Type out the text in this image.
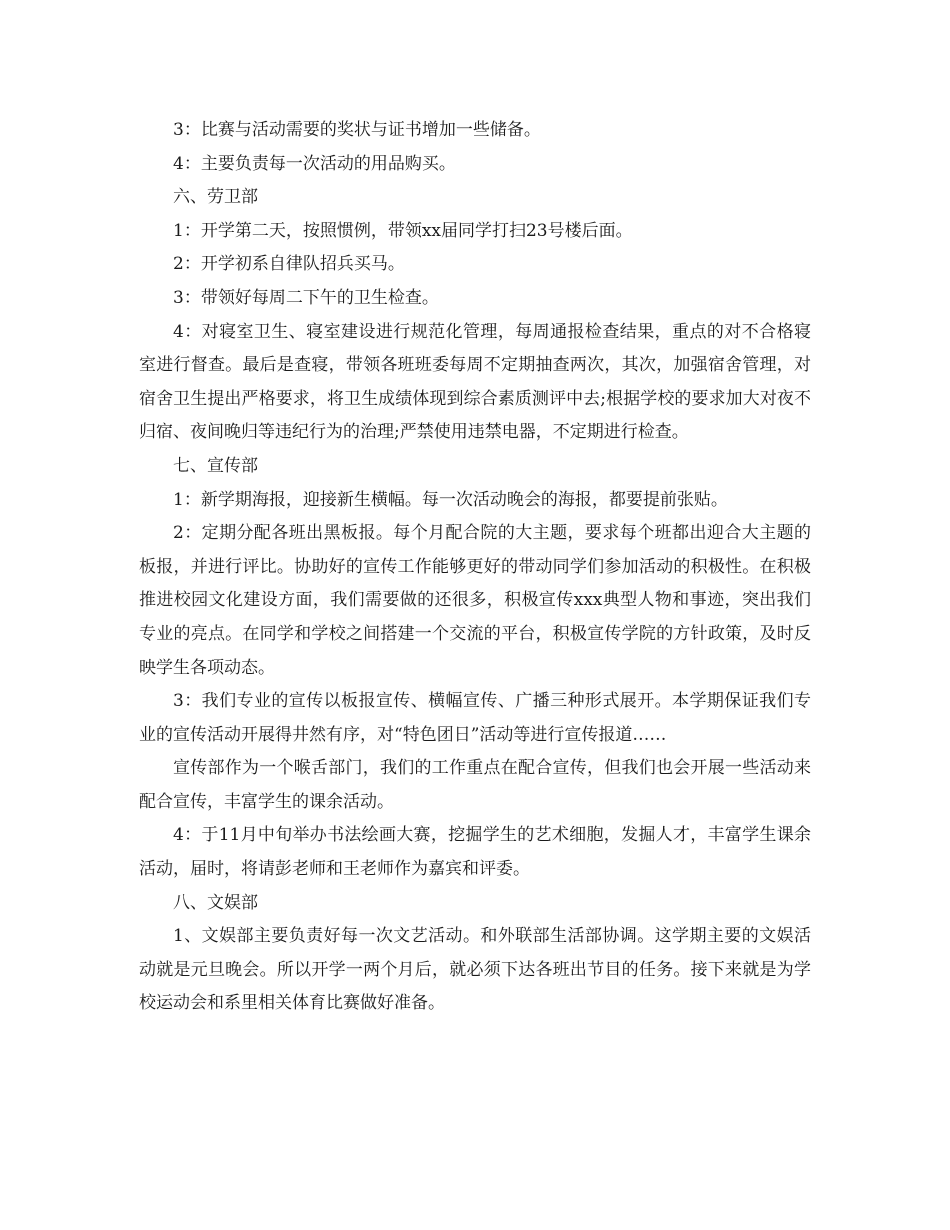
3：比赛与活动需要的奖状与证书增加一些储备。

4：主要负责每一次活动的用品购买。

六、劳卫部

1：开学第二天，按照惯例，带领xx届同学打扫23号楼后面。

2：开学初系自律队招兵买马。

3：带领好每周二下午的卫生检查。

4：对寝室卫生、寝室建设进行规范化管理，每周通报检查结果，重点的对不合格寝室进行督查。最后是查寝，带领各班班委每周不定期抽查两次，其次，加强宿舍管理，对宿舍卫生提出严格要求，将卫生成绩体现到综合素质测评中去;根据学校的要求加大对夜不归宿、夜间晚归等违纪行为的治理;严禁使用违禁电器，不定期进行检查。

七、宣传部

1：新学期海报，迎接新生横幅。每一次活动晚会的海报，都要提前张贴。

2：定期分配各班出黑板报。每个月配合院的大主题，要求每个班都出迎合大主题的板报，并进行评比。协助好的宣传工作能够更好的带动同学们参加活动的积极性。在积极推进校园文化建设方面，我们需要做的还很多，积极宣传xxx典型人物和事迹，突出我们专业的亮点。在同学和学校之间搭建一个交流的平台，积极宣传学院的方针政策，及时反映学生各项动态。

3：我们专业的宣传以板报宣传、横幅宣传、广播三种形式展开。本学期保证我们专业的宣传活动开展得井然有序，对“特色团日”活动等进行宣传报道……

宣传部作为一个喉舌部门，我们的工作重点在配合宣传，但我们也会开展一些活动来配合宣传，丰富学生的课余活动。

4：于11月中旬举办书法绘画大赛，挖掘学生的艺术细胞，发掘人才，丰富学生课余活动，届时，将请彭老师和王老师作为嘉宾和评委。

八、文娱部

1、文娱部主要负责好每一次文艺活动。和外联部生活部协调。这学期主要的文娱活动就是元旦晚会。所以开学一两个月后，就必须下达各班出节目的任务。接下来就是为学校运动会和系里相关体育比赛做好准备。
